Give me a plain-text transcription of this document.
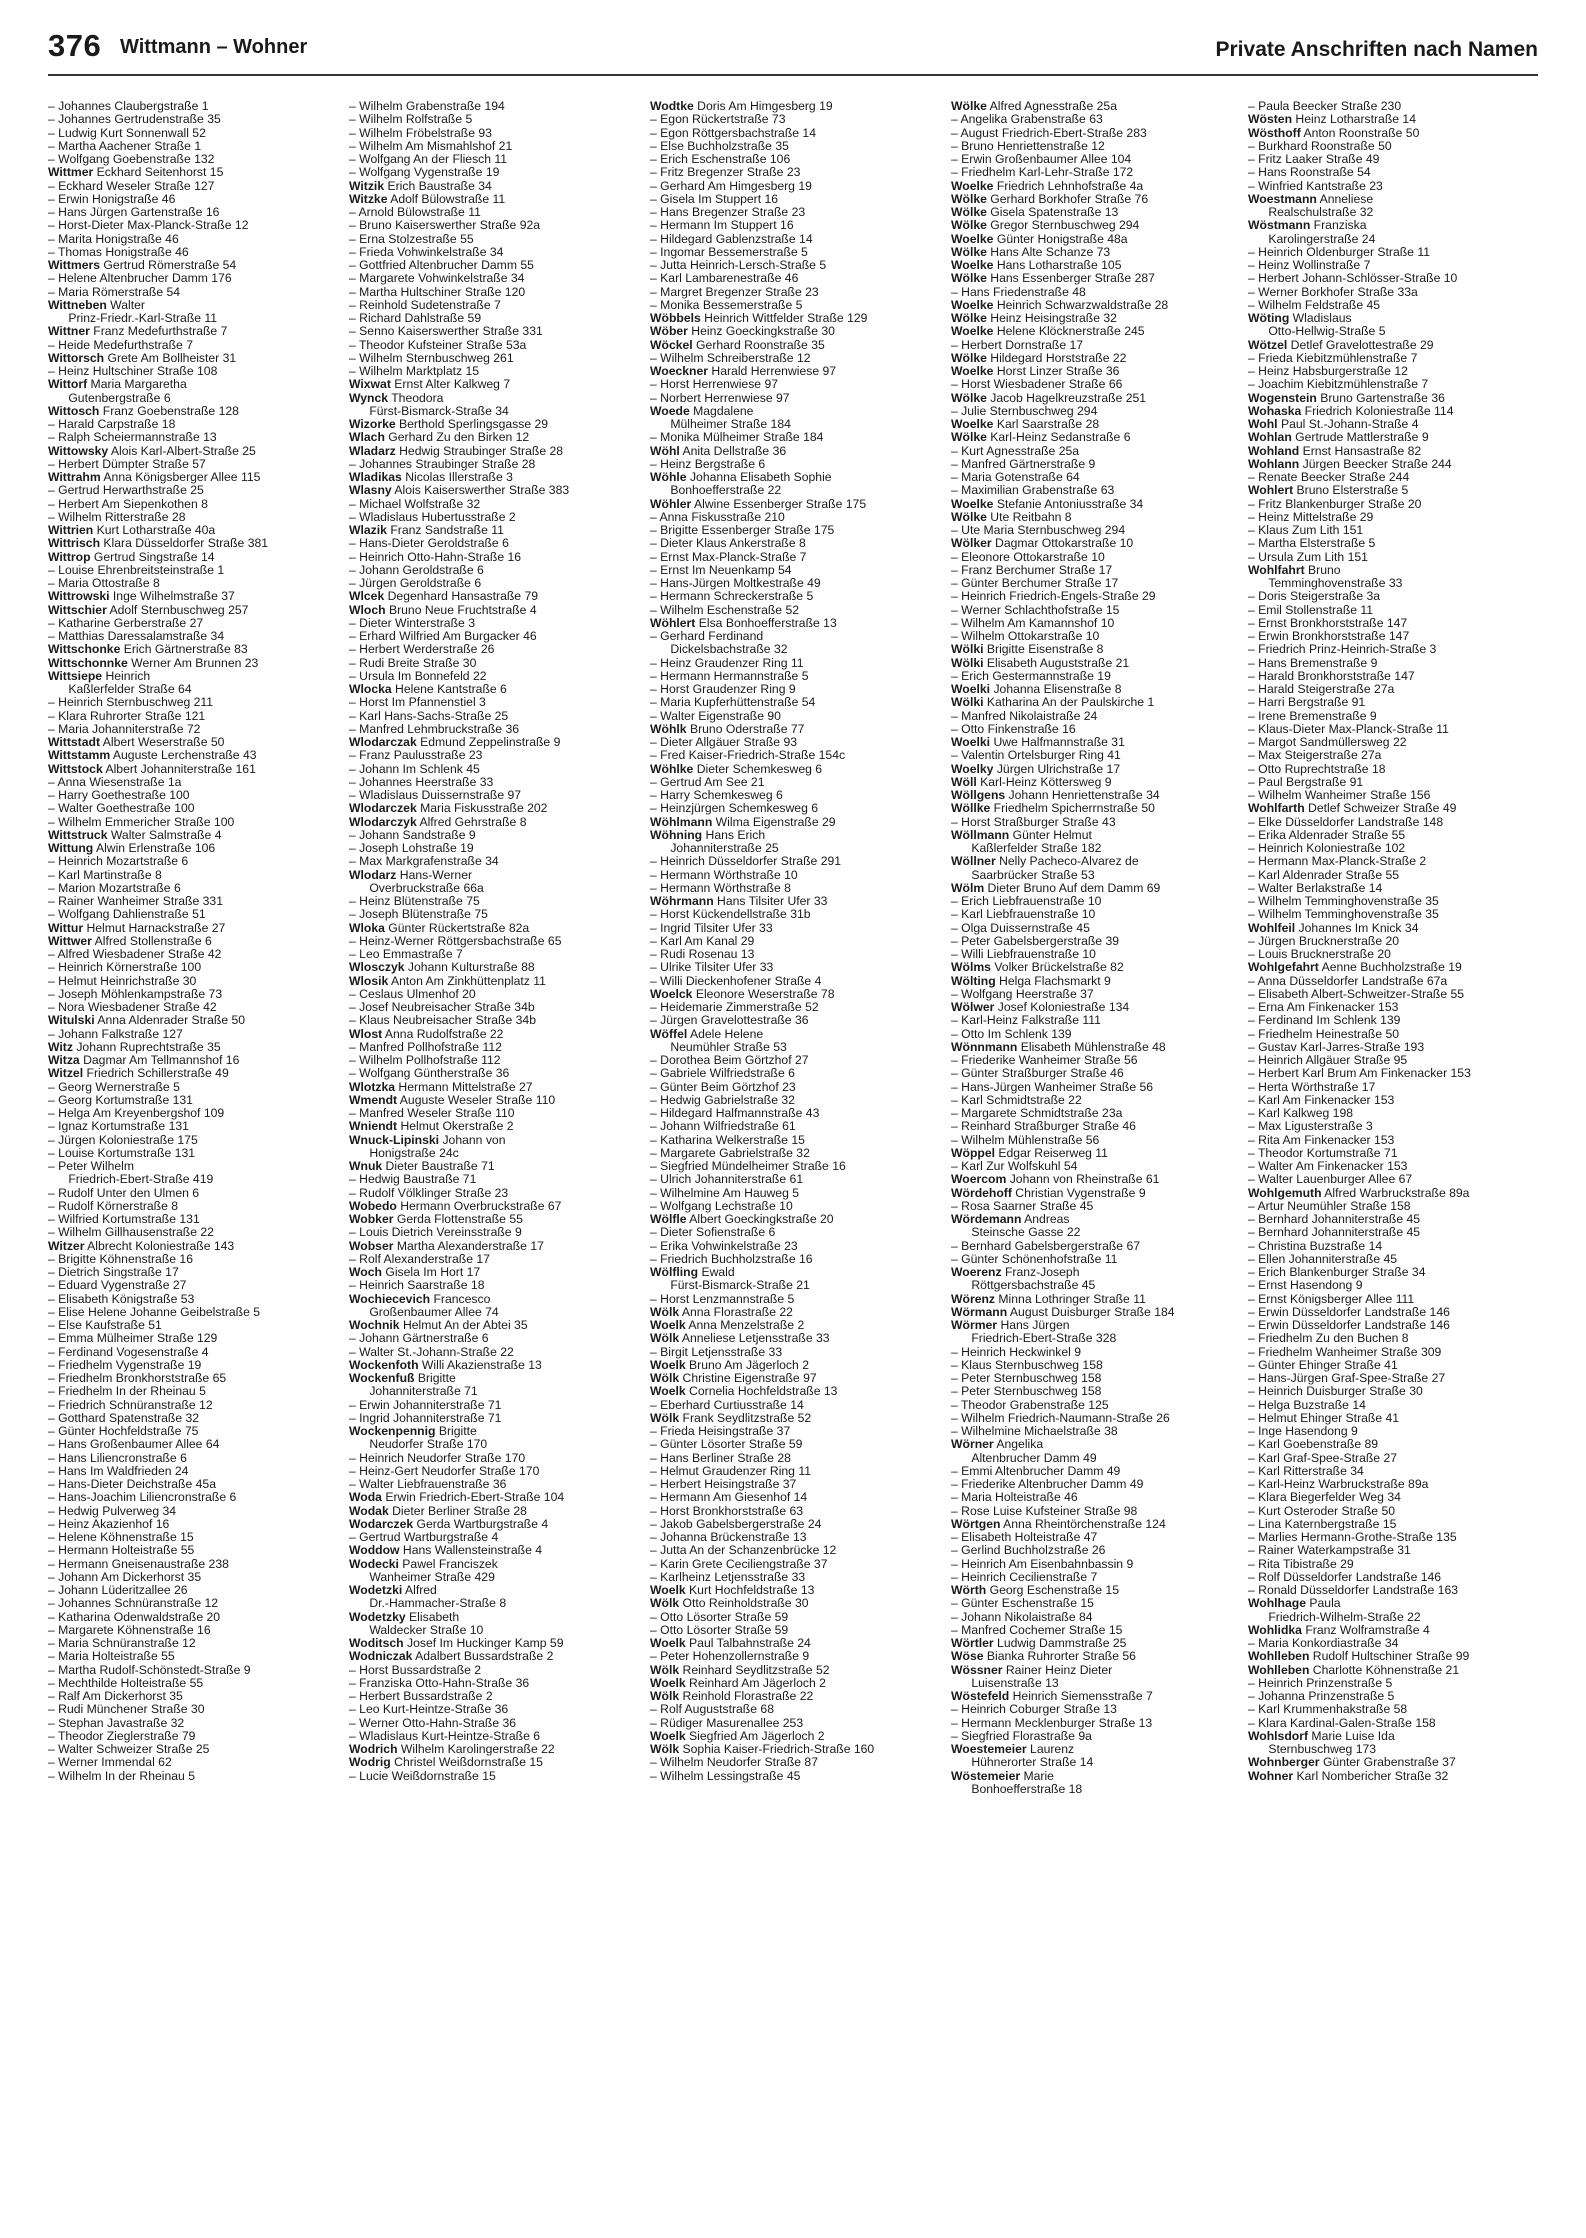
376 Wittmann – Wohner	Private Anschriften nach Namen
– Johannes Claubergstraße 1
– Johannes Gertrudenstraße 35
– Ludwig Kurt Sonnenwall 52
– Martha Aachener Straße 1
– Wolfgang Goebenstraße 132
Wittmer Eckhard Seitenhorst 15
– Eckhard Weseler Straße 127
– Erwin Honigstraße 46
– Hans Jürgen Gartenstraße 16
– Horst-Dieter Max-Planck-Straße 12
– Marita Honigstraße 46
– Thomas Honigstraße 46
Wittmers Gertrud Römerstraße 54
– Helene Altenbrucher Damm 176
– Maria Römerstraße 54
Wittneben Walter
Prinz-Friedr.-Karl-Straße 11
Wittner Franz Medefurthstraße 7
– Heide Medefurthstraße 7
Wittorsch Grete Am Bollheister 31
– Heinz Hultschiner Straße 108
Wittorf Maria Margaretha
Gutenbergstraße 6
Wittosch Franz Goebenstraße 128
– Harald Carpstraße 18
– Ralph Scheiermannstraße 13
Wittowsky Alois Karl-Albert-Straße 25
– Herbert Dümpter Straße 57
Wittrahm Anna Königsberger Allee 115
– Gertrud Herwarthstraße 25
– Herbert Am Siepenkothen 8
– Wilhelm Ritterstraße 28
Wittrien Kurt Lotharstraße 40a
Wittrisch Klara Düsseldorfer Straße 381
Wittrop Gertrud Singstraße 14
– Louise Ehrenbreitsteinstraße 1
– Maria Ottostraße 8
Wittrowski Inge Wilhelmstraße 37
Wittschier Adolf Sternbuschweg 257
– Katharine Gerberstraße 27
– Matthias Daressalamstraße 34
Wittschonke Erich Gärtnerstraße 83
Wittschonnke Werner Am Brunnen 23
Wittsiepe Heinrich
Kaßlerfelder Straße 64
– Heinrich Sternbuschweg 211
– Klara Ruhrorter Straße 121
– Maria Johanniterstraße 72
Wittstadt Albert Weserstraße 50
Wittstamm Auguste Lerchenstraße 43
Wittstock Albert Johanniterstraße 161
– Anna Wiesenstraße 1a
– Harry Goethestraße 100
– Walter Goethestraße 100
– Wilhelm Emmericher Straße 100
Wittstruck Walter Salmstraße 4
Wittung Alwin Erlenstraße 106
– Heinrich Mozartstraße 6
– Karl Martinstraße 8
– Marion Mozartstraße 6
– Rainer Wanheimer Straße 331
– Wolfgang Dahlienstraße 51
Wittur Helmut Harnackstraße 27
Wittwer Alfred Stollenstraße 6
– Alfred Wiesbadener Straße 42
– Heinrich Körnerstraße 100
– Helmut Heinrichstraße 30
– Joseph Möhlenkampstraße 73
– Nora Wiesbadener Straße 42
Witulski Anna Aldenrader Straße 50
– Johann Falkstraße 127
Witz Johann Ruprechtstraße 35
Witza Dagmar Am Tellmannshof 16
Witzel Friedrich Schillerstraße 49
– Georg Wernerstraße 5
– Georg Kortumstraße 131
– Helga Am Kreyenbergshof 109
– Ignaz Kortumstraße 131
– Jürgen Koloniestraße 175
– Louise Kortumstraße 131
– Peter Wilhelm
Friedrich-Ebert-Straße 419
– Rudolf Unter den Ulmen 6
– Rudolf Körnerstraße 8
– Wilfried Kortumstraße 131
– Wilhelm Gillhausenstraße 22
Witzer Albrecht Koloniestraße 143
– Brigitte Köhnenstraße 16
– Dietrich Singstraße 17
– Eduard Vygenstraße 27
– Elisabeth Königstraße 53
– Elise Helene Johanne Geibelstraße 5
– Else Kaufstraße 51
– Emma Mülheimer Straße 129
– Ferdinand Vogesenstraße 4
– Friedhelm Vygenstraße 19
– Friedhelm Bronkhorststraße 65
– Friedhelm In der Rheinau 5
– Friedrich Schnüranstraße 12
– Gotthard Spatenstraße 32
– Günter Hochfeldstraße 75
– Hans Großenbaumer Allee 64
– Hans Liliencronstraße 6
– Hans Im Waldfrieden 24
– Hans-Dieter Deichstraße 45a
– Hans-Joachim Liliencronstraße 6
– Hedwig Pulverweg 34
– Heinz Akazienhof 16
– Helene Köhnenstraße 15
– Hermann Holteistraße 55
– Hermann Gneisenaustraße 238
– Johann Am Dickerhorst 35
– Johann Lüderitzallee 26
– Johannes Schnüranstraße 12
– Katharina Odenwaldstraße 20
– Margarete Köhnenstraße 16
– Maria Schnüranstraße 12
– Maria Holteistraße 55
– Martha Rudolf-Schönstedt-Straße 9
– Mechthilde Holteistraße 55
– Ralf Am Dickerhorst 35
– Rudi Münchener Straße 30
– Stephan Javastraße 32
– Theodor Zieglerstraße 79
– Walter Schweizer Straße 25
– Werner Immendal 62
– Wilhelm In der Rheinau 5
– Wilhelm Grabenstraße 194
– Wilhelm Rolfstraße 5
– Wilhelm Fröbelstraße 93
– Wilhelm Am Mismahlshof 21
– Wolfgang An der Fliesch 11
– Wolfgang Vygenstraße 19
Witzik Erich Baustraße 34
Witzke Adolf Bülowstraße 11
– Arnold Bülowstraße 11
– Bruno Kaiserswerther Straße 92a
– Erna Stolzestraße 55
– Frieda Vohwinkelstraße 34
– Gottfried Altenbrucher Damm 55
– Margarete Vohwinkelstraße 34
– Martha Hultschiner Straße 120
– Reinhold Sudetenstraße 7
– Richard Dahlstraße 59
– Senno Kaiserswerther Straße 331
– Theodor Kufsteiner Straße 53a
– Wilhelm Sternbuschweg 261
– Wilhelm Marktplatz 15
Wixwat Ernst Alter Kalkweg 7
Wynck Theodora
Fürst-Bismarck-Straße 34
Wizorke Berthold Sperlingsgasse 29
Wlach Gerhard Zu den Birken 12
Wladarz Hedwig Straubinger Straße 28
– Johannes Straubinger Straße 28
Wladikas Nicolas Illerstraße 3
Wlasny Alois Kaiserswerther Straße 383
– Michael Wolfstraße 32
– Wladislaus Hubertusstraße 2
Wlazik Franz Sandstraße 11
– Hans-Dieter Geroldstraße 6
– Heinrich Otto-Hahn-Straße 16
– Johann Geroldstraße 6
– Jürgen Geroldstraße 6
Wlcek Degenhard Hansastraße 79
Wloch Bruno Neue Fruchtstraße 4
– Dieter Winterstraße 3
– Erhard Wilfried Am Burgacker 46
– Herbert Werderstraße 26
– Rudi Breite Straße 30
– Ursula Im Bonnefeld 22
Wlocka Helene Kantstraße 6
– Horst Im Pfannenstiel 3
– Karl Hans-Sachs-Straße 25
– Manfred Lehmbruckstraße 36
Wlodarczak Edmund Zeppelinstraße 9
– Franz Paulusstraße 23
– Johann Im Schlenk 45
– Johannes Heerstraße 33
– Wladislaus Duissernstraße 97
Wlodarczek Maria Fiskusstraße 202
Wlodarczyk Alfred Gehrstraße 8
– Johann Sandstraße 9
– Joseph Lohstraße 19
– Max Markgrafenstraße 34
Wlodarz Hans-Werner
Overbruckstraße 66a
– Heinz Blütenstraße 75
– Joseph Blütenstraße 75
Wloka Günter Rückertstraße 82a
– Heinz-Werner Röttgersbachstraße 65
– Leo Emmastraße 7
Wlosczyk Johann Kulturstraße 88
Wlosik Anton Am Zinkhüttenplatz 11
– Ceslaus Ulmenhof 20
– Josef Neubreisacher Straße 34b
– Klaus Neubreisacher Straße 34b
Wlost Anna Rudolfstraße 22
– Manfred Pollhofstraße 112
– Wilhelm Pollhofstraße 112
– Wolfgang Güntherstraße 36
Wlotzka Hermann Mittelstraße 27
Wmendt Auguste Weseler Straße 110
– Manfred Weseler Straße 110
Wniendt Helmut Okerstraße 2
Wnuck-Lipinski Johann von
Honigstraße 24c
Wnuk Dieter Baustraße 71
– Hedwig Baustraße 71
– Rudolf Völklinger Straße 23
Wobedo Hermann Overbruckstraße 67
Wobker Gerda Flottenstraße 55
– Louis Dietrich Vereinsstraße 9
Wobser Martha Alexanderstraße 17
– Rolf Alexanderstraße 17
Woch Gisela Im Hort 17
– Heinrich Saarstraße 18
Wochiecevich Francesco
Großenbaumer Allee 74
Wochnik Helmut An der Abtei 35
– Johann Gärtnerstraße 6
– Walter St.-Johann-Straße 22
Wockenfoth Willi Akazienstraße 13
Wockenfuß Brigitte
Johanniterstraße 71
– Erwin Johanniterstraße 71
– Ingrid Johanniterstraße 71
Wockenpennig Brigitte
Neudorfer Straße 170
– Heinrich Neudorfer Straße 170
– Heinz-Gert Neudorfer Straße 170
– Walter Liebfrauenstraße 36
Woda Erwin Friedrich-Ebert-Straße 104
Wodak Dieter Berliner Straße 28
Wodarczek Gerda Wartburgstraße 4
– Gertrud Wartburgstraße 4
Woddow Hans Wallensteinstraße 4
Wodecki Pawel Franciszek
Wanheimer Straße 429
Wodetzki Alfred
Dr.-Hammacher-Straße 8
Wodetzky Elisabeth
Waldecker Straße 10
Woditsch Josef Im Huckinger Kamp 59
Wodniczak Adalbert Bussardstraße 2
– Horst Bussardstraße 2
– Franziska Otto-Hahn-Straße 36
– Herbert Bussardstraße 2
– Leo Kurt-Heintze-Straße 36
– Werner Otto-Hahn-Straße 36
– Wladislaus Kurt-Heintze-Straße 6
Wodrich Wilhelm Karolingerstraße 22
Wodrig Christel Weißdornstraße 15
– Lucie Weißdornstraße 15
Wodtke Doris Am Himgesberg 19
– Egon Rückertstraße 73
– Egon Röttgersbachstraße 14
– Else Buchholzstraße 35
– Erich Eschenstraße 106
– Fritz Bregenzer Straße 23
– Gerhard Am Himgesberg 19
– Gisela Im Stuppert 16
– Hans Bregenzer Straße 23
– Hermann Im Stuppert 16
– Hildegard Gablenzstraße 14
– Ingomar Bessemerstraße 5
– Jutta Heinrich-Lersch-Straße 5
– Karl Lambarenestraße 46
– Margret Bregenzer Straße 23
– Monika Bessemerstraße 5
Wöbbels Heinrich Wittfelder Straße 129
Wöber Heinz Goeckingkstraße 30
Wöckel Gerhard Roonstraße 35
– Wilhelm Schreiberstraße 12
Woeckner Harald Herrenwiese 97
– Horst Herrenwiese 97
– Norbert Herrenwiese 97
Woede Magdalene
Mülheimer Straße 184
– Monika Mülheimer Straße 184
Wöhl Anita Dellstraße 36
– Heinz Bergstraße 6
Wöhle Johanna Elisabeth Sophie
Bonhoefferstraße 22
Wöhler Alwine Essenberger Straße 175
– Anna Fiskusstraße 210
– Brigitte Essenberger Straße 175
– Dieter Klaus Ankerstraße 8
– Ernst Max-Planck-Straße 7
– Ernst Im Neuenkamp 54
– Hans-Jürgen Moltkestraße 49
– Hermann Schreckerstraße 5
– Wilhelm Eschenstraße 52
Wöhlert Elsa Bonhoefferstraße 13
– Gerhard Ferdinand
Dickelsbachstraße 32
– Heinz Graudenzer Ring 11
– Hermann Hermannstraße 5
– Horst Graudenzer Ring 9
– Maria Kupferhüttenstraße 54
– Walter Eigenstraße 90
Wöhlk Bruno Oderstraße 77
– Dieter Allgäuer Straße 93
– Fred Kaiser-Friedrich-Straße 154c
Wöhlke Dieter Schemkesweg 6
– Gertrud Am See 21
– Harry Schemkesweg 6
– Heinzjürgen Schemkesweg 6
Wöhlmann Wilma Eigenstraße 29
Wöhning Hans Erich
Johanniterstraße 25
– Heinrich Düsseldorfer Straße 291
– Hermann Wörthstraße 10
– Hermann Wörthstraße 8
Wöhrmann Hans Tilsiter Ufer 33
– Horst Kückendellstraße 31b
– Ingrid Tilsiter Ufer 33
– Karl Am Kanal 29
– Rudi Rosenau 13
– Ulrike Tilsiter Ufer 33
– Willi Dieckenhofener Straße 4
Woelck Eleonore Weserstraße 78
– Heidemarie Zimmerstraße 52
– Jürgen Gravelottestraße 36
Wöffel Adele Helene
Neumühler Straße 53
– Dorothea Beim Görtzhof 27
– Gabriele Wilfriedstraße 6
– Günter Beim Görtzhof 23
– Hedwig Gabrielstraße 32
– Hildegard Halfmannstraße 43
– Johann Wilfriedstraße 61
– Katharina Welkerstraße 15
– Margarete Gabrielstraße 32
– Siegfried Mündelheimer Straße 16
– Ulrich Johanniterstraße 61
– Wilhelmine Am Hauweg 5
– Wolfgang Lechstraße 10
Wölfle Albert Goeckingkstraße 20
– Dieter Sofienstraße 6
– Erika Vohwinkelstraße 23
– Friedrich Buchholzstraße 16
Wölfling Ewald
Fürst-Bismarck-Straße 21
– Horst Lenzmannstraße 5
Wölk Anna Florastraße 22
Woelk Anna Menzelstraße 2
Wölk Anneliese Letjensstraße 33
– Birgit Letjensstraße 33
Woelk Bruno Am Jägerloch 2
Wölk Christine Eigenstraße 97
Woelk Cornelia Hochfeldstraße 13
– Eberhard Curtiusstraße 14
Wölk Frank Seydlitzstraße 52
– Frieda Heisingstraße 37
– Günter Lösorter Straße 59
– Hans Berliner Straße 28
– Helmut Graudenzer Ring 11
– Herbert Heisingstraße 37
– Hermann Am Giesenhof 14
– Horst Bronkhorststraße 63
– Jakob Gabelsbergerstraße 24
– Johanna Brückenstraße 13
– Jutta An der Schanzenbrücke 12
– Karin Grete Ceciliengstraße 37
– Karlheinz Letjensstraße 33
Woelk Kurt Hochfeldstraße 13
Wölk Otto Reinholdstraße 30
– Otto Lösorter Straße 59
– Otto Lösorter Straße 59
Woelk Paul Talbahnstraße 24
– Peter Hohenzollernstraße 9
Wölk Reinhard Seydlitzstraße 52
Woelk Reinhard Am Jägerloch 2
Wölk Reinhold Florastraße 22
– Rolf Auguststraße 68
– Rüdiger Masurenallee 253
Woelk Siegfried Am Jägerloch 2
Wölk Sophia Kaiser-Friedrich-Straße 160
– Wilhelm Neudorfer Straße 87
– Wilhelm Lessingstraße 45
Wölke Alfred Agnesstraße 25a
– Angelika Grabenstraße 63
– August Friedrich-Ebert-Straße 283
– Bruno Henriettenstraße 12
– Erwin Großenbaumer Allee 104
– Friedhelm Karl-Lehr-Straße 172
Woelke Friedrich Lehnhofstraße 4a
Wölke Gerhard Borkhofer Straße 76
Wölke Gisela Spatenstraße 13
Wölke Gregor Sternbuschweg 294
Woelke Günter Honigstraße 48a
Wölke Hans Alte Schanze 73
Woelke Hans Lotharstraße 105
Wölke Hans Essenberger Straße 287
– Hans Friedenstraße 48
Woelke Heinrich Schwarzwaldstraße 28
Wölke Heinz Heisingstraße 32
Woelke Helene Klöcknerstraße 245
– Herbert Dornstraße 17
Wölke Hildegard Horststraße 22
Woelke Horst Linzer Straße 36
– Horst Wiesbadener Straße 66
Wölke Jacob Hagelkreuzstraße 251
– Julie Sternbuschweg 294
Woelke Karl Saarstraße 28
Wölke Karl-Heinz Sedanstraße 6
– Kurt Agnesstraße 25a
– Manfred Gärtnerstraße 9
– Maria Gotenstraße 64
– Maximilian Grabenstraße 63
Woelke Stefanie Antoniusstraße 34
Wölke Ute Reitbahn 8
– Ute Maria Sternbuschweg 294
Wölker Dagmar Ottokarstraße 10
– Eleonore Ottokarstraße 10
– Franz Berchumer Straße 17
– Günter Berchumer Straße 17
– Heinrich Friedrich-Engels-Straße 29
– Werner Schlachthofstraße 15
– Wilhelm Am Kamannshof 10
– Wilhelm Ottokarstraße 10
Wölki Brigitte Eisenstraße 8
Wölki Elisabeth Auguststraße 21
– Erich Gestermannstraße 19
Woelki Johanna Elisenstraße 8
Wölki Katharina An der Paulskirche 1
– Manfred Nikolaistraße 24
– Otto Finkenstraße 16
Woelki Uwe Halfmannstraße 31
– Valentin Ortelsburger Ring 41
Woelky Jürgen Ulrichstraße 17
Wöll Karl-Heinz Köttersweg 9
Wöllgens Johann Henriettenstraße 34
Wöllke Friedhelm Spicherrnstraße 50
– Horst Straßburger Straße 43
Wöllmann Günter Helmut
Kaßlerfelder Straße 182
Wöllner Nelly Pacheco-Alvarez de
Saarbrücker Straße 53
Wölm Dieter Bruno Auf dem Damm 69
– Erich Liebfrauenstraße 10
– Karl Liebfrauenstraße 10
– Olga Duissernstraße 45
– Peter Gabelsbergerstraße 39
– Willi Liebfrauenstraße 10
Wölms Volker Brückelstraße 82
Wölting Helga Flachsmarkt 9
– Wolfgang Heerstraße 37
Wölwer Josef Koloniestraße 134
– Karl-Heinz Falkstraße 111
– Otto Im Schlenk 139
Wönnmann Elisabeth Mühlenstraße 48
– Friederike Wanheimer Straße 56
– Günter Straßburger Straße 46
– Hans-Jürgen Wanheimer Straße 56
– Karl Schmidtstraße 22
– Margarete Schmidtstraße 23a
– Reinhard Straßburger Straße 46
– Wilhelm Mühlenstraße 56
Wöppel Edgar Reiserweg 11
– Karl Zur Wolfskuhl 54
Woercom Johann von Rheinstraße 61
Wördehoff Christian Vygenstraße 9
– Rosa Saarner Straße 45
Wördemann Andreas
Steinsche Gasse 22
– Bernhard Gabelsbergerstraße 67
– Günter Schönenhofstraße 11
Woerenz Franz-Joseph
Röttgersbachstraße 45
Wörenz Minna Lothringer Straße 11
Wörmann August Duisburger Straße 184
Wörmer Hans Jürgen
Friedrich-Ebert-Straße 328
– Heinrich Heckwinkel 9
– Klaus Sternbuschweg 158
– Peter Sternbuschweg 158
– Peter Sternbuschweg 158
– Theodor Grabenstraße 125
– Wilhelm Friedrich-Naumann-Straße 26
– Wilhelmine Michaelstraße 38
Wörner Angelika
Altenbrucher Damm 49
– Emmi Altenbrucher Damm 49
– Friederike Altenbrucher Damm 49
– Maria Holteistraße 46
– Rose Luise Kufsteiner Straße 98
Wörtgen Anna Rheintörchenstraße 124
– Elisabeth Holteistraße 47
– Gerlind Buchholzstraße 26
– Heinrich Am Eisenbahnbassin 9
– Heinrich Cecilienstraße 7
Wörth Georg Eschenstraße 15
– Günter Eschenstraße 15
– Johann Nikolaistraße 84
– Manfred Cochemer Straße 15
Wörtler Ludwig Dammstraße 25
Wöse Bianka Ruhrorter Straße 56
Wössner Rainer Heinz Dieter
Luisenstraße 13
Wöstefeld Heinrich Siemensstraße 7
– Heinrich Coburger Straße 13
– Hermann Mecklenburger Straße 13
– Siegfried Florastraße 9a
Woestemeier Laurenz
Hühnerorter Straße 14
Wöstemeier Marie
Bonhoefferstraße 18
– Paula Beecker Straße 230
Wösten Heinz Lotharstraße 14
Wösthoff Anton Roonstraße 50
– Burkhard Roonstraße 50
– Fritz Laaker Straße 49
– Hans Roonstraße 54
– Winfried Kantstraße 23
Woestmann Anneliese
Realschulstraße 32
Wöstmann Franziska
Karolingerstraße 24
– Heinrich Oldenburger Straße 11
– Heinz Wollinstraße 7
– Herbert Johann-Schlösser-Straße 10
– Werner Borkhofer Straße 33a
– Wilhelm Feldstraße 45
Wöting Wladislaus
Otto-Hellwig-Straße 5
Wötzel Detlef Gravelottestraße 29
– Frieda Kiebitzmühlenstraße 7
– Heinz Habsburgerstraße 12
– Joachim Kiebitzmühlenstraße 7
Wogenstein Bruno Gartenstraße 36
Wohaska Friedrich Koloniestraße 114
Wohl Paul St.-Johann-Straße 4
Wohlan Gertrude Mattlerstraße 9
Wohland Ernst Hansastraße 82
Wohlann Jürgen Beecker Straße 244
– Renate Beecker Straße 244
Wohlert Bruno Elsterstraße 5
– Fritz Blankenburger Straße 20
– Heinz Mittelstraße 29
– Klaus Zum Lith 151
– Martha Elsterstraße 5
– Ursula Zum Lith 151
Wohlfahrt Bruno
Temminghovenstraße 33
– Doris Steigerstraße 3a
– Emil Stollenstraße 11
– Ernst Bronkhorststraße 147
– Erwin Bronkhorststraße 147
– Friedrich Prinz-Heinrich-Straße 3
– Hans Bremenstraße 9
– Harald Bronkhorststraße 147
– Harald Steigerstraße 27a
– Harri Bergstraße 91
– Irene Bremenstraße 9
– Klaus-Dieter Max-Planck-Straße 11
– Margot Sandmüllersweg 22
– Max Steigerstraße 27a
– Otto Ruprechtstraße 18
– Paul Bergstraße 91
– Wilhelm Wanheimer Straße 156
Wohlfarth Detlef Schweizer Straße 49
– Elke Düsseldorfer Landstraße 148
– Erika Aldenrader Straße 55
– Heinrich Koloniestraße 102
– Hermann Max-Planck-Straße 2
– Karl Aldenrader Straße 55
– Walter Berlakstraße 14
– Wilhelm Temminghovenstraße 35
– Wilhelm Temminghovenstraße 35
Wohlfeil Johannes Im Knick 34
– Jürgen Brucknerstraße 20
– Louis Brucknerstraße 20
Wohlgefahrt Aenne Buchholzstraße 19
– Anna Düsseldorfer Landstraße 67a
– Elisabeth Albert-Schweitzer-Straße 55
– Erna Am Finkenacker 153
– Ferdinand Im Schlenk 139
– Friedhelm Heinestraße 50
– Gustav Karl-Jarres-Straße 193
– Heinrich Allgäuer Straße 95
– Herbert Karl Brum Am Finkenacker 153
– Herta Wörthstraße 17
– Karl Am Finkenacker 153
– Karl Kalkweg 198
– Max Ligusterstraße 3
– Rita Am Finkenacker 153
– Theodor Kortumstraße 71
– Walter Am Finkenacker 153
– Walter Lauenburger Allee 67
Wohlgemuth Alfred Warbruckstraße 89a
– Artur Neumühler Straße 158
– Bernhard Johanniterstraße 45
– Bernhard Johanniterstraße 45
– Christina Buzstraße 14
– Ellen Johanniterstraße 45
– Erich Blankenburger Straße 34
– Ernst Hasendong 9
– Ernst Königsberger Allee 111
– Erwin Düsseldorfer Landstraße 146
– Erwin Düsseldorfer Landstraße 146
– Friedhelm Zu den Buchen 8
– Friedhelm Wanheimer Straße 309
– Günter Ehinger Straße 41
– Hans-Jürgen Graf-Spee-Straße 27
– Heinrich Duisburger Straße 30
– Helga Buzstraße 14
– Helmut Ehinger Straße 41
– Inge Hasendong 9
– Karl Goebenstraße 89
– Karl Graf-Spee-Straße 27
– Karl Ritterstraße 34
– Karl-Heinz Warbruckstraße 89a
– Klara Biegerfelder Weg 34
– Kurt Osteroder Straße 50
– Lina Katernbergstraße 15
– Marlies Hermann-Grothe-Straße 135
– Rainer Waterkampstraße 31
– Rita Tibistraße 29
– Rolf Düsseldorfer Landstraße 146
– Ronald Düsseldorfer Landstraße 163
Wohlhage Paula
Friedrich-Wilhelm-Straße 22
Wohlidka Franz Wolframstraße 4
– Maria Konkordiastraße 34
Wohlleben Rudolf Hultschiner Straße 99
Wohlleben Charlotte Köhnenstraße 21
– Heinrich Prinzenstraße 5
– Johanna Prinzenstraße 5
– Karl Krummenhakstraße 58
– Klara Kardinal-Galen-Straße 158
Wohlsdorf Marie Luise Ida
Sternbuschweg 173
Wohnberger Günter Grabenstraße 37
Wohner Karl Nombericher Straße 32
